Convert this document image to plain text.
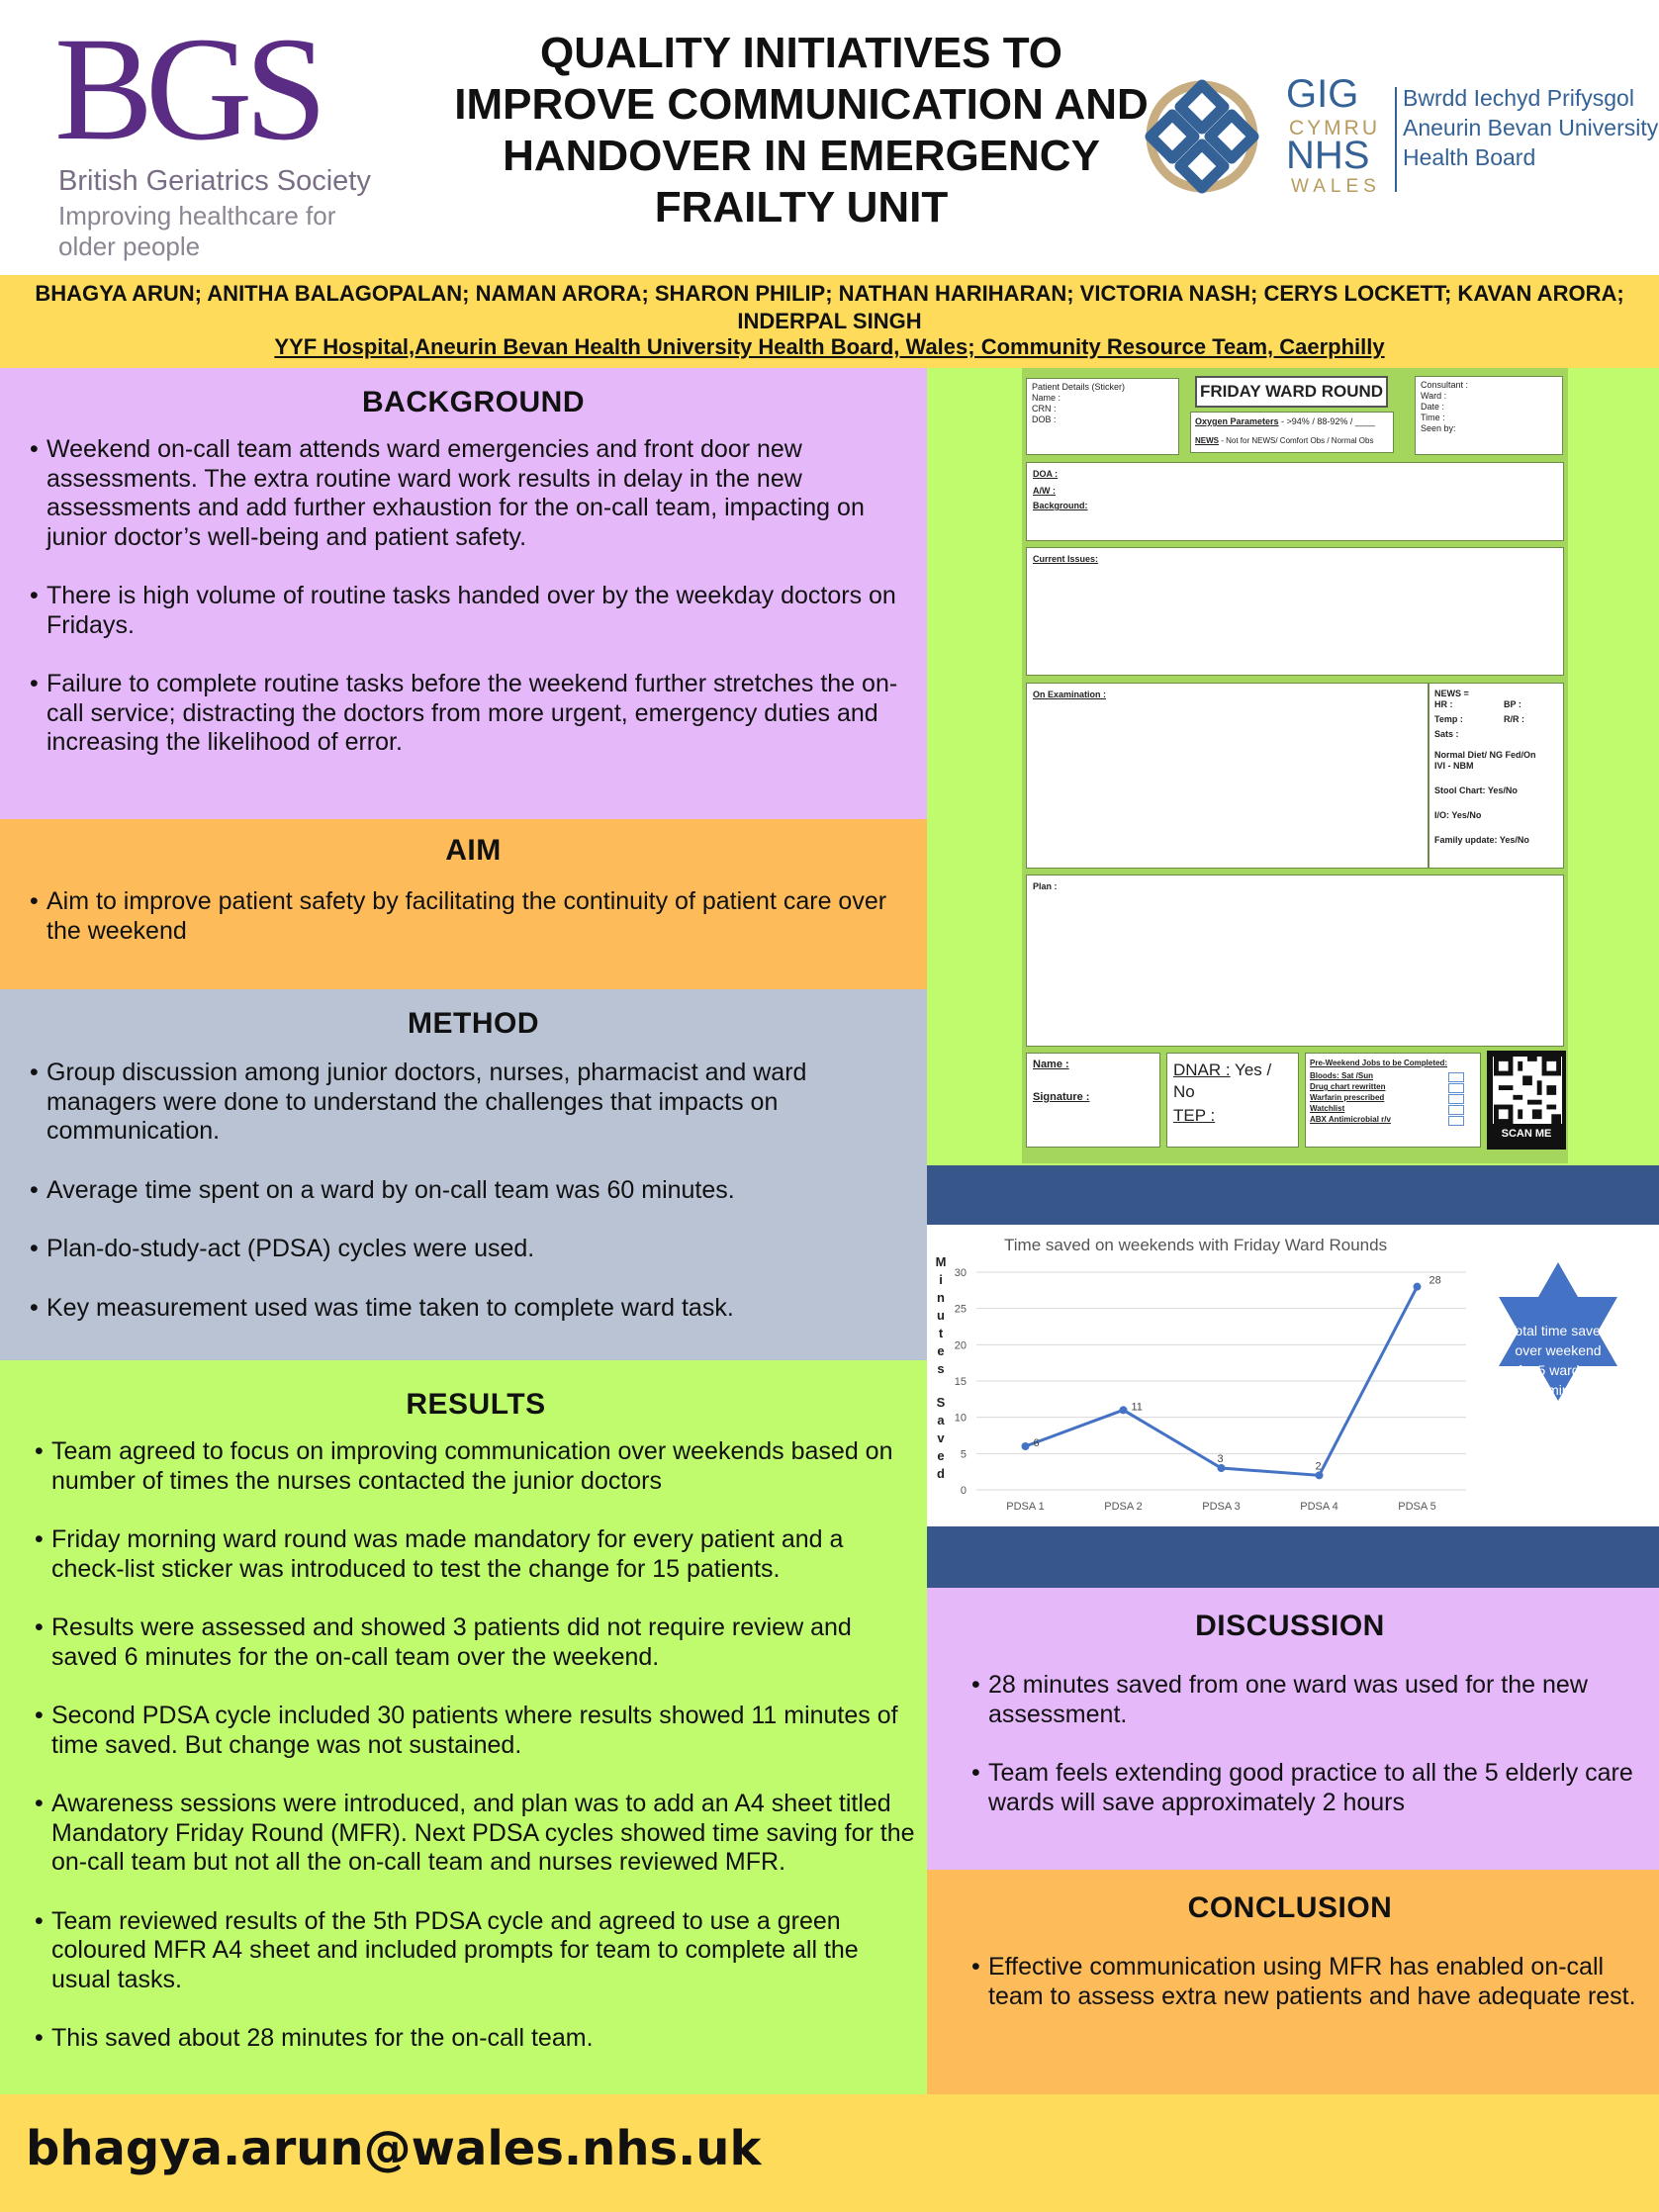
BGS
British Geriatrics Society
Improving healthcare for older people
QUALITY INITIATIVES TO IMPROVE COMMUNICATION AND HANDOVER IN EMERGENCY FRAILTY UNIT
GIG
CYMRU
NHS
WALES
Bwrdd Iechyd Prifysgol Aneurin Bevan University Health Board
BHAGYA ARUN; ANITHA BALAGOPALAN; NAMAN ARORA; SHARON PHILIP; NATHAN HARIHARAN; VICTORIA NASH; CERYS LOCKETT; KAVAN ARORA; INDERPAL SINGH
YYF Hospital,Aneurin Bevan Health University Health Board, Wales; Community Resource Team, Caerphilly
BACKGROUND
• Weekend on-call team attends ward emergencies and front door new assessments. The extra routine ward work results in delay in the new assessments and add further exhaustion for the on-call team, impacting on junior doctor’s well-being and patient safety.
• There is high volume of routine tasks handed over by the weekday doctors on Fridays.
• Failure to complete routine tasks before the weekend further stretches the on-call service; distracting the doctors from more urgent, emergency duties and increasing the likelihood of error.
AIM
• Aim to improve patient safety by facilitating the continuity of patient care over the weekend
METHOD
• Group discussion among junior doctors, nurses, pharmacist and ward managers were done to understand the challenges that impacts on communication.
• Average time spent on a ward by on-call team was 60 minutes.
• Plan-do-study-act (PDSA) cycles were used.
• Key measurement used was time taken to complete ward task.
RESULTS
• Team agreed to focus on improving communication over weekends based on number of times the nurses contacted the junior doctors
• Friday morning ward round was made mandatory for every patient and a check-list sticker was introduced to test the change for 15 patients.
• Results were assessed and showed 3 patients did not require review and saved 6 minutes for the on-call team over the weekend.
• Second PDSA cycle included 30 patients where results showed 11 minutes of time saved. But change was not sustained.
• Awareness sessions were introduced, and plan was to add an A4 sheet titled Mandatory Friday Round (MFR). Next PDSA cycles showed time saving for the on-call team but not all the on-call team and nurses reviewed MFR.
• Team reviewed results of the 5th PDSA cycle and agreed to use a green coloured MFR A4 sheet and included prompts for team to complete all the usual tasks.
• This saved about 28 minutes for the on-call team.
Patient Details (Sticker)
Name :
CRN :
DOB :
FRIDAY WARD ROUND
Oxygen Parameters - >94% / 88-92% / ____
NEWS - Not for NEWS/ Comfort Obs / Normal Obs
Consultant :
Ward :
Date :
Time :
Seen by:
DOA :
A/W :
Background:
Current Issues:
On Examination :	NEWS =
HR :	BP :
Temp :	R/R :
Sats :
Normal Diet/ NG Fed/On IVI - NBM
Stool Chart: Yes/No
I/O: Yes/No
Family update: Yes/No
Plan :
Name :
Signature :
DNAR : Yes / No
TEP :
Pre-Weekend Jobs to be Completed:
Bloods: Sat /Sun
Drug chart rewritten
Warfarin prescribed
Watchlist
ABX Antimicrobial r/v
SCAN ME
Time saved on weekends with Friday Ward Rounds
M
i
n
u
t
e
s
S
a
v
e
d
0
5
10
15
20
25
30
PDSA 1	PDSA 2	PDSA 3	PDSA 4	PDSA 5
6
11
3
2
28
Total time saved
over weekend
for 5 wards =
120 minutes
DISCUSSION
• 28 minutes saved from one ward was used for the new assessment.
• Team feels extending good practice to all the 5 elderly care wards will save approximately 2 hours
CONCLUSION
• Effective communication using MFR has enabled on-call team to assess extra new patients and have adequate rest.
bhagya.arun@wales.nhs.uk
